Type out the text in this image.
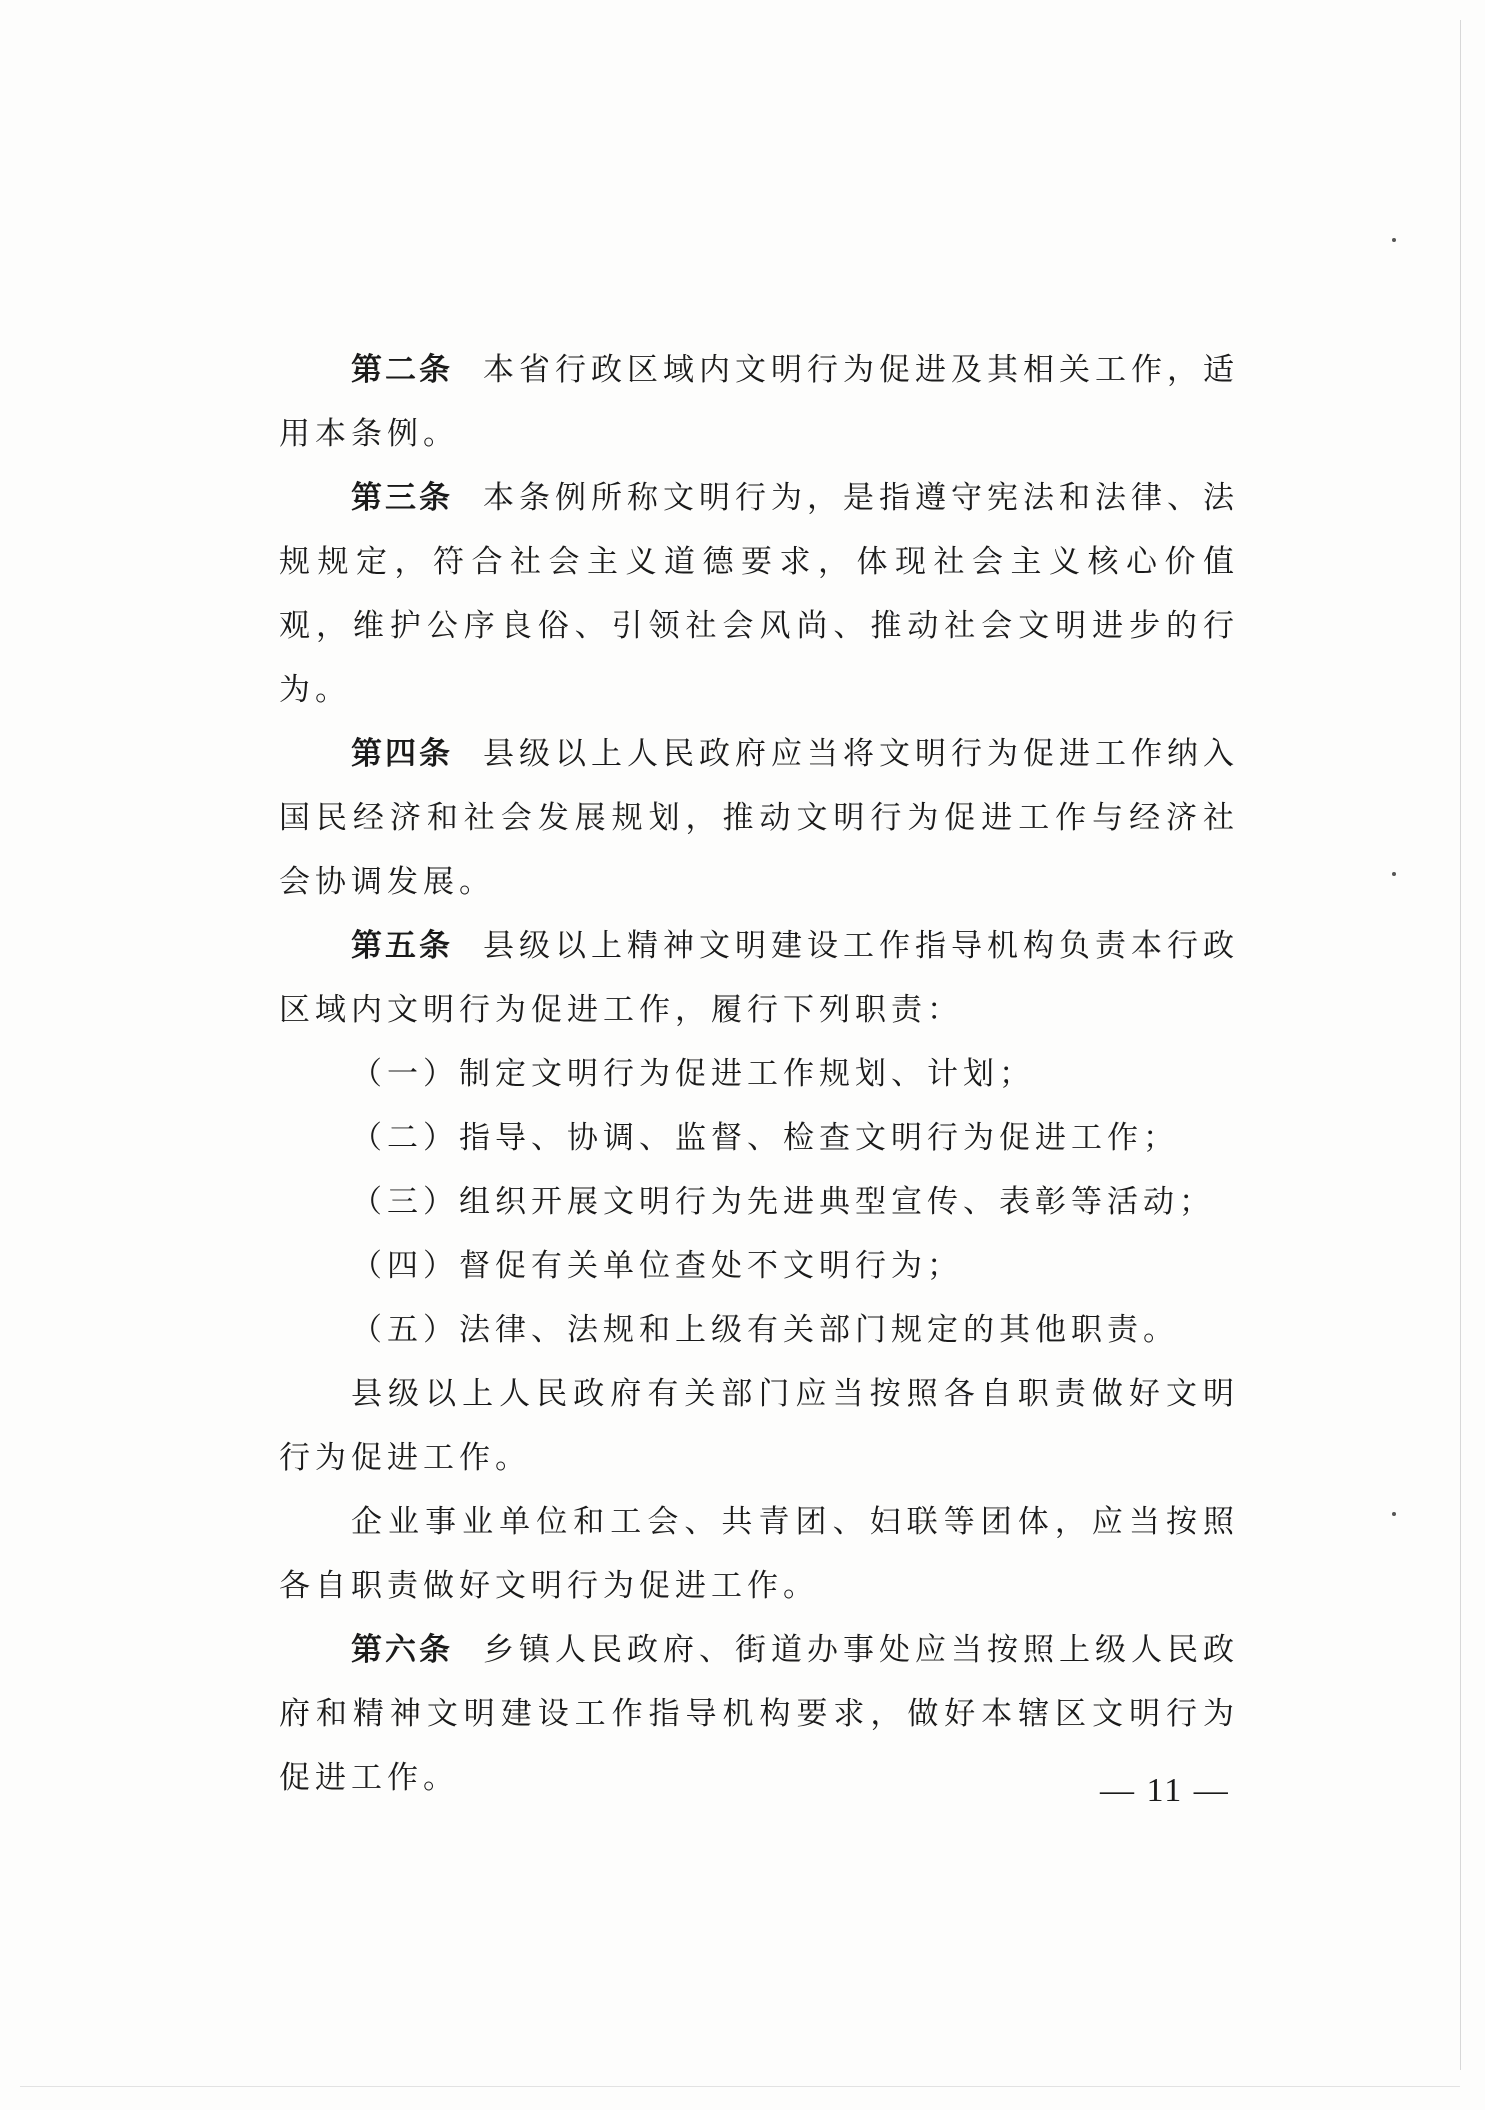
第二条 本省行政区域内文明行为促进及其相关工作，适用本条例。

第三条 本条例所称文明行为，是指遵守宪法和法律、法规规定，符合社会主义道德要求，体现社会主义核心价值观，维护公序良俗、引领社会风尚、推动社会文明进步的行为。

第四条 县级以上人民政府应当将文明行为促进工作纳入国民经济和社会发展规划，推动文明行为促进工作与经济社会协调发展。

第五条 县级以上精神文明建设工作指导机构负责本行政区域内文明行为促进工作，履行下列职责：

（一）制定文明行为促进工作规划、计划；

（二）指导、协调、监督、检查文明行为促进工作；

（三）组织开展文明行为先进典型宣传、表彰等活动；

（四）督促有关单位查处不文明行为；

（五）法律、法规和上级有关部门规定的其他职责。

县级以上人民政府有关部门应当按照各自职责做好文明行为促进工作。

企业事业单位和工会、共青团、妇联等团体，应当按照各自职责做好文明行为促进工作。

第六条 乡镇人民政府、街道办事处应当按照上级人民政府和精神文明建设工作指导机构要求，做好本辖区文明行为促进工作。	— 11 —
